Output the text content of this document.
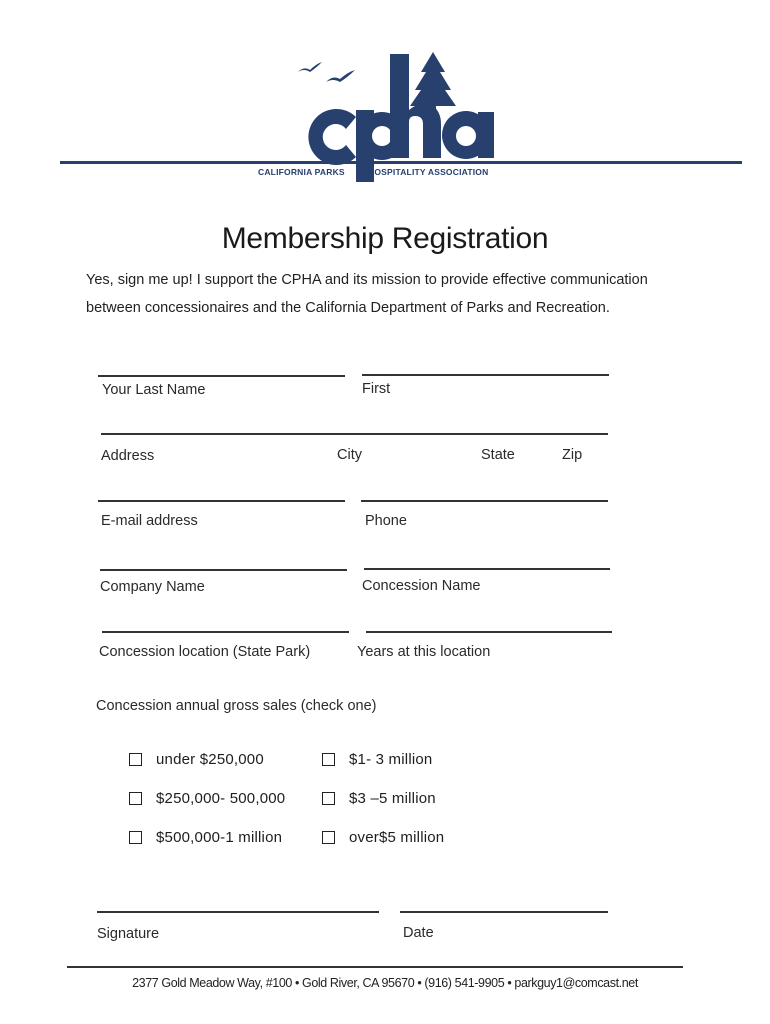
CALIFORNIA PARKS	HOSPITALITY ASSOCIATION
Membership Registration
Yes, sign me up! I support the CPHA and its mission to provide effective communication between concessionaires and the California Department of Parks and Recreation.
Your Last Name	First
Address	City	State	Zip
E-mail address	Phone
Company Name	Concession Name
Concession location (State Park)	Years at this location
Concession annual gross sales (check one)
under $250,000	$1- 3 million
$250,000- 500,000	$3 –5 million
$500,000-1 million	over$5 million
Signature	Date
2377 Gold Meadow Way, #100 • Gold River, CA 95670 • (916) 541-9905 • parkguy1@comcast.net
